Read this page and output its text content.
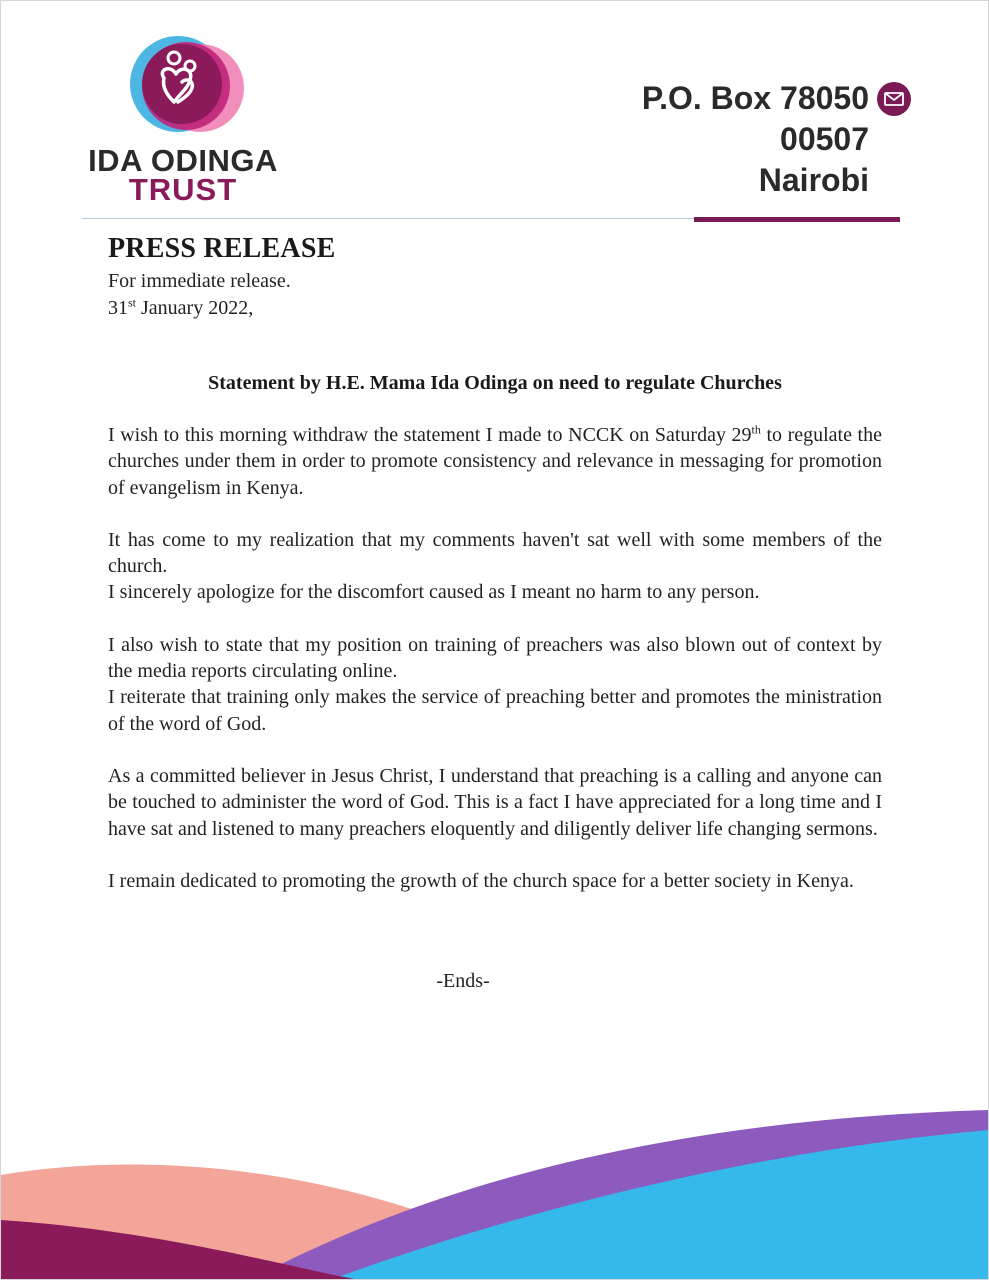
IDA ODINGA
TRUST
P.O. Box 78050
00507
Nairobi
PRESS RELEASE
For immediate release.
31st January 2022,
Statement by H.E. Mama Ida Odinga on need to regulate Churches

I wish to this morning withdraw the statement I made to NCCK on Saturday 29th to regulate the churches under them in order to promote consistency and relevance in messaging for promotion of evangelism in Kenya.

It has come to my realization that my comments haven't sat well with some members of the church.

I sincerely apologize for the discomfort caused as I meant no harm to any person.

I also wish to state that my position on training of preachers was also blown out of context by the media reports circulating online.

I reiterate that training only makes the service of preaching better and promotes the ministration of the word of God.

As a committed believer in Jesus Christ, I understand that preaching is a calling and anyone can be touched to administer the word of God. This is a fact I have appreciated for a long time and I have sat and listened to many preachers eloquently and diligently deliver life changing sermons.

I remain dedicated to promoting the growth of the church space for a better society in Kenya.

-Ends-
